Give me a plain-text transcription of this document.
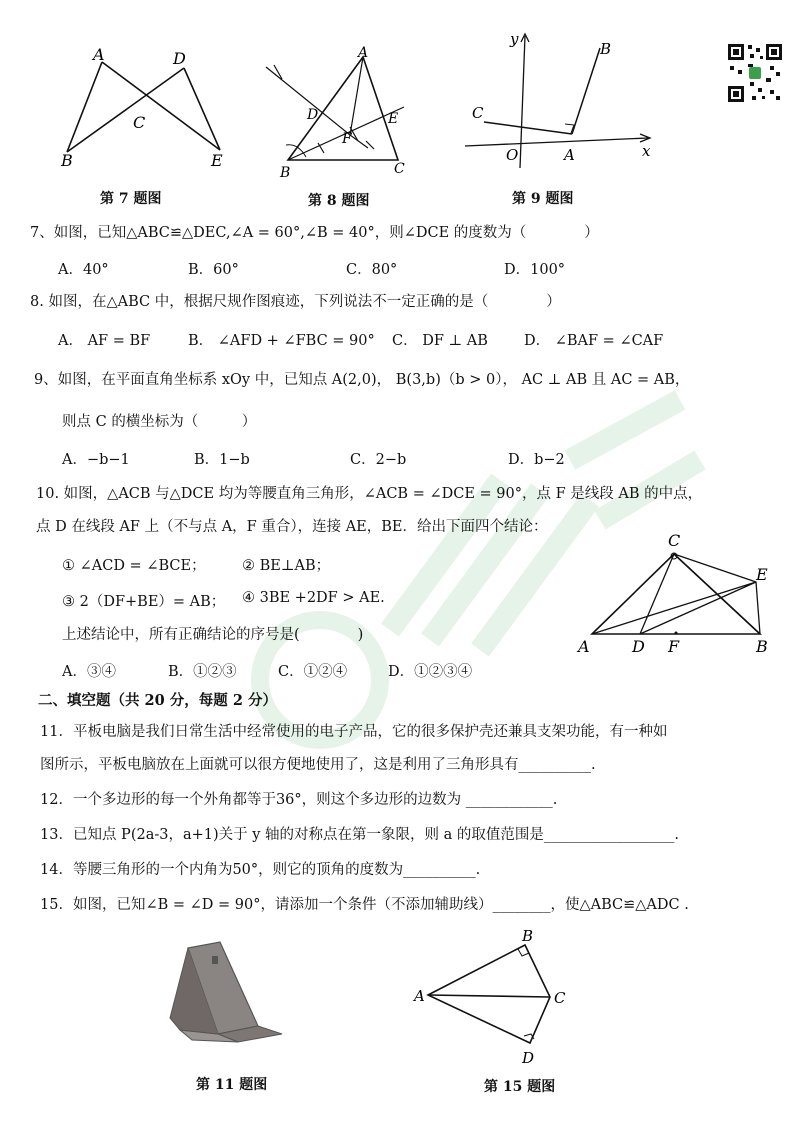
A	D
C
B	E
第 7 题图
A
D
F
E
B	C
第 8 题图
y
x
O	A
B
C
第 9 题图
7、如图，已知△ABC≌△DEC,∠A = 60°,∠B = 40°，则∠DCE 的度数为（　　　　）
A．40°	B．60°	C．80°	D．100°
8. 如图，在△ABC 中，根据尺规作图痕迹，下列说法不一定正确的是（　　　　）
A． AF = BF	B． ∠AFD + ∠FBC = 90° C． DF ⊥ AB D． ∠BAF = ∠CAF
9、如图，在平面直角坐标系 xOy 中，已知点 A(2,0)， B(3,b)（b > 0）， AC ⊥ AB 且 AC = AB，
则点 C 的横坐标为（　　　）
A．−b−1	B．1−b	C．2−b	D．b−2
10. 如图，△ACB 与△DCE 均为等腰直角三角形，∠ACB = ∠DCE = 90°，点 F 是线段 AB 的中点，
点 D 在线段 AF 上（不与点 A，F 重合），连接 AE，BE．给出下面四个结论：
① ∠ACD = ∠BCE；	② BE⊥AB；
③ 2（DF+BE）= AB； ④ 3BE +2DF > AE.
上述结论中，所有正确结论的序号是(　　　　)
A．③④	B．①②③	C．①②④	D．①②③④
C
E
A	D F	B
二、填空题（共 20 分，每题 2 分）
11．平板电脑是我们日常生活中经常使用的电子产品，它的很多保护壳还兼具支架功能，有一种如
图所示，平板电脑放在上面就可以很方便地使用了，这是利用了三角形具有__________.
12．一个多边形的每一个外角都等于36°，则这个多边形的边数为 ____________.
13．已知点 P(2a-3，a+1)关于 y 轴的对称点在第一象限，则 a 的取值范围是__________________.
14．等腰三角形的一个内角为50°，则它的顶角的度数为__________.
15．如图，已知∠B = ∠D = 90°，请添加一个条件（不添加辅助线）________，使△ABC≌△ADC .
第 11 题图
B
A	C
D
第 15 题图
